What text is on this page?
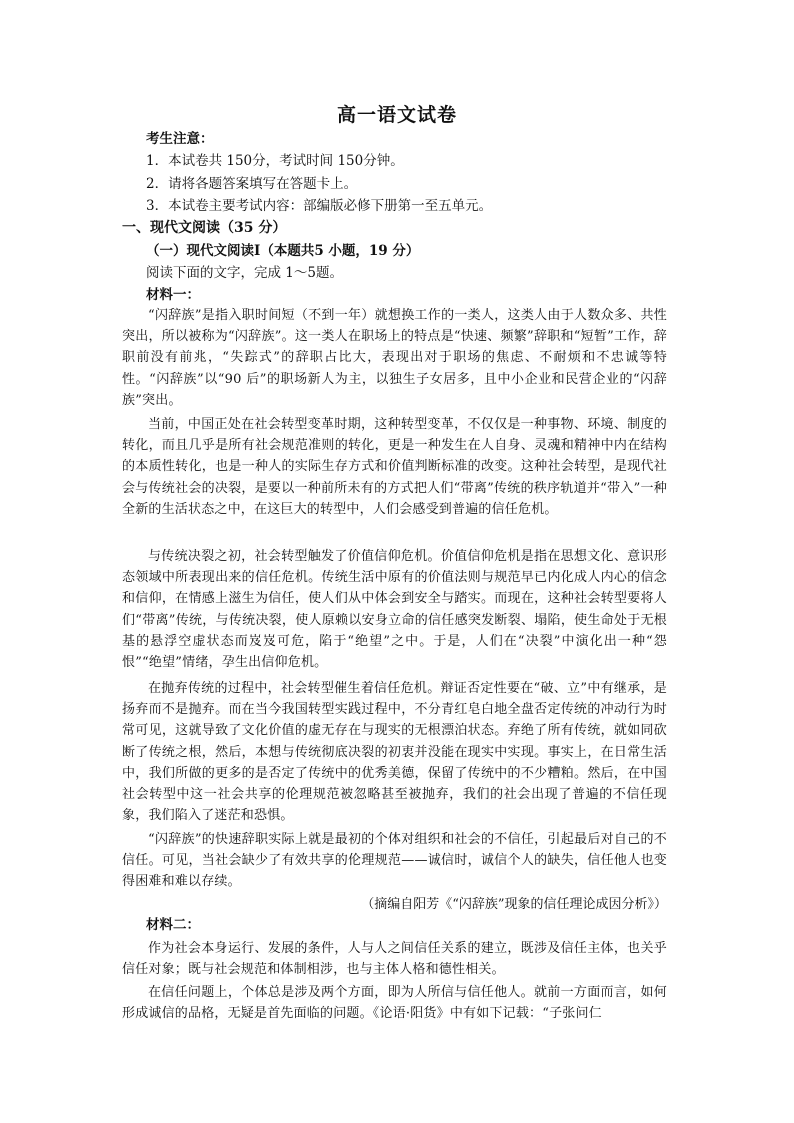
高一语文试卷
考生注意：
1．本试卷共 150分，考试时间 150分钟。
2．请将各题答案填写在答题卡上。
3．本试卷主要考试内容：部编版必修下册第一至五单元。
一、现代文阅读（35 分）
（一）现代文阅读Ⅰ（本题共5 小题，19 分）
阅读下面的文字，完成 1～5题。
材料一：
“闪辞族”是指入职时间短（不到一年）就想换工作的一类人，这类人由于人数众多、共性突出，所以被称为“闪辞族”。这一类人在职场上的特点是“快速、频繁”辞职和“短暂”工作，辞职前没有前兆，“失踪式”的辞职占比大，表现出对于职场的焦虑、不耐烦和不忠诚等特性。“闪辞族”以“90 后”的职场新人为主，以独生子女居多，且中小企业和民营企业的“闪辞族”突出。
当前，中国正处在社会转型变革时期，这种转型变革，不仅仅是一种事物、环境、制度的转化，而且几乎是所有社会规范准则的转化，更是一种发生在人自身、灵魂和精神中内在结构的本质性转化，也是一种人的实际生存方式和价值判断标准的改变。这种社会转型，是现代社会与传统社会的决裂，是要以一种前所未有的方式把人们“带离”传统的秩序轨道并“带入”一种全新的生活状态之中，在这巨大的转型中，人们会感受到普遍的信任危机。
与传统决裂之初，社会转型触发了价值信仰危机。价值信仰危机是指在思想文化、意识形态领域中所表现出来的信任危机。传统生活中原有的价值法则与规范早已内化成人内心的信念和信仰，在情感上滋生为信任，使人们从中体会到安全与踏实。而现在，这种社会转型要将人们“带离”传统，与传统决裂，使人原赖以安身立命的信任感突发断裂、塌陷，使生命处于无根基的悬浮空虚状态而岌岌可危，陷于“绝望”之中。于是，人们在“决裂”中演化出一种“怨恨”“绝望”情绪，孕生出信仰危机。
在抛弃传统的过程中，社会转型催生着信任危机。辩证否定性要在“破、立”中有继承，是扬弃而不是抛弃。而在当今我国转型实践过程中，不分青红皂白地全盘否定传统的冲动行为时常可见，这就导致了文化价值的虚无存在与现实的无根漂泊状态。弃绝了所有传统，就如同砍断了传统之根，然后，本想与传统彻底决裂的初衷并没能在现实中实现。事实上，在日常生活中，我们所做的更多的是否定了传统中的优秀美德，保留了传统中的不少糟粕。然后，在中国社会转型中这一社会共享的伦理规范被忽略甚至被抛弃，我们的社会出现了普遍的不信任现象，我们陷入了迷茫和恐惧。
“闪辞族”的快速辞职实际上就是最初的个体对组织和社会的不信任，引起最后对自己的不信任。可见，当社会缺少了有效共享的伦理规范——诚信时，诚信个人的缺失，信任他人也变得困难和难以存续。
（摘编自阳芳《“闪辞族”现象的信任理论成因分析》）
材料二：
作为社会本身运行、发展的条件，人与人之间信任关系的建立，既涉及信任主体，也关乎信任对象；既与社会规范和体制相涉，也与主体人格和德性相关。
在信任问题上，个体总是涉及两个方面，即为人所信与信任他人。就前一方面而言，如何形成诚信的品格，无疑是首先面临的问题。《论语·阳货》中有如下记载：“子张问仁
